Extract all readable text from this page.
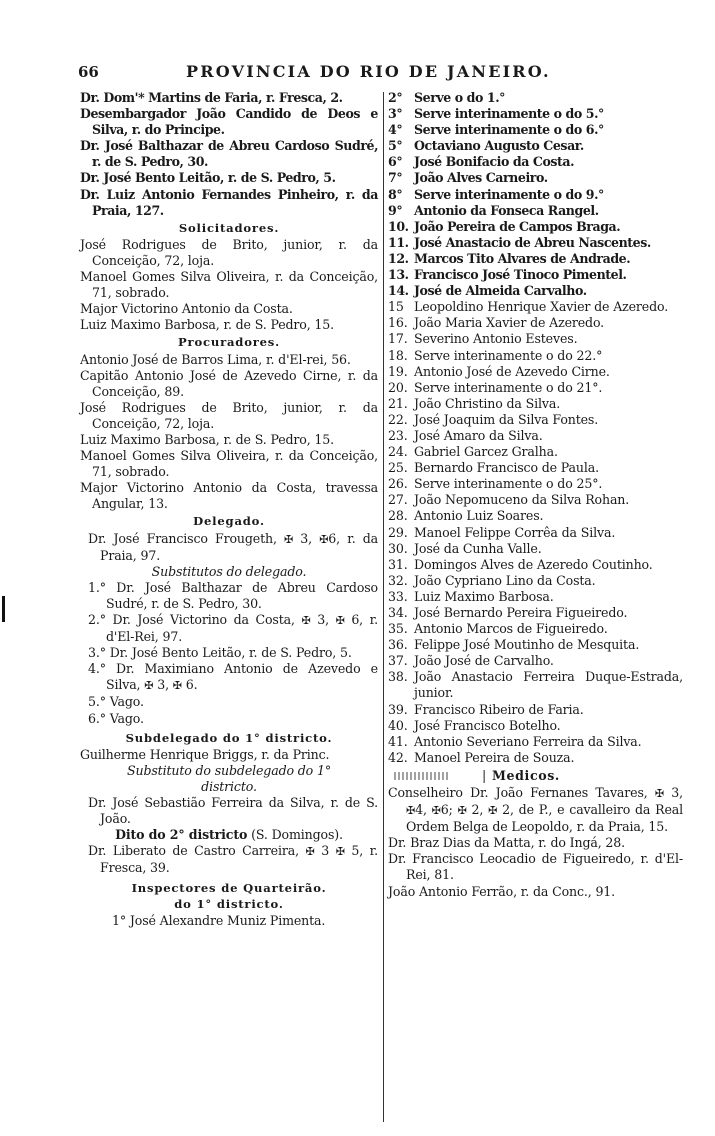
66	PROVINCIA DO RIO DE JANEIRO.
Dr. Dom'* Martins de Faria, r. Fresca, 2.
Desembargador João Candido de Deos e Silva, r. do Principe.
Dr. José Balthazar de Abreu Cardoso Sudré, r. de S. Pedro, 30.
Dr. José Bento Leitão, r. de S. Pedro, 5.
Dr. Luiz Antonio Fernandes Pinheiro, r. da Praia, 127.
Solicitadores.
José Rodrigues de Brito, junior, r. da Conceição, 72, loja.
Manoel Gomes Silva Oliveira, r. da Conceição, 71, sobrado.
Major Victorino Antonio da Costa.
Luiz Maximo Barbosa, r. de S. Pedro, 15.
Procuradores.
Antonio José de Barros Lima, r. d'El-rei, 56.
Capitão Antonio José de Azevedo Cirne, r. da Conceição, 89.
José Rodrigues de Brito, junior, r. da Conceição, 72, loja.
Luiz Maximo Barbosa, r. de S. Pedro, 15.
Manoel Gomes Silva Oliveira, r. da Conceição, 71, sobrado.
Major Victorino Antonio da Costa, travessa Angular, 13.
Delegado.
Dr. José Francisco Frougeth, ✠ 3, ✠6, r. da Praia, 97.
Substitutos do delegado.
1.° Dr. José Balthazar de Abreu Cardoso Sudré, r. de S. Pedro, 30.
2.° Dr. José Victorino da Costa, ✠ 3, ✠ 6, r. d'El-Rei, 97.
3.° Dr. José Bento Leitão, r. de S. Pedro, 5.
4.° Dr. Maximiano Antonio de Azevedo e Silva, ✠ 3, ✠ 6.
5.° Vago.
6.° Vago.
Subdelegado do 1° districto.
Guilherme Henrique Briggs, r. da Princ.
Substituto do subdelegado do 1° districto.
Dr. José Sebastião Ferreira da Silva, r. de S. João.
Dito do 2° districto (S. Domingos).
Dr. Liberato de Castro Carreira, ✠ 3 ✠ 5, r. Fresca, 39.
Inspectores de Quarteirão.
do 1° districto.
1° José Alexandre Muniz Pimenta.
2° Serve o do 1.°
3° Serve interinamente o do 5.°
4° Serve interinamente o do 6.°
5° Octaviano Augusto Cesar.
6° José Bonifacio da Costa.
7° João Alves Carneiro.
8° Serve interinamente o do 9.°
9° Antonio da Fonseca Rangel.
10. João Pereira de Campos Braga.
11. José Anastacio de Abreu Nascentes.
12. Marcos Tito Alvares de Andrade.
13. Francisco José Tinoco Pimentel.
14. José de Almeida Carvalho.
15 Leopoldino Henrique Xavier de Azeredo.
16. João Maria Xavier de Azeredo.
17. Severino Antonio Esteves.
18. Serve interinamente o do 22.°
19. Antonio José de Azevedo Cirne.
20. Serve interinamente o do 21°.
21. João Christino da Silva.
22. José Joaquim da Silva Fontes.
23. José Amaro da Silva.
24. Gabriel Garcez Gralha.
25. Bernardo Francisco de Paula.
26. Serve interinamente o do 25°.
27. João Nepomuceno da Silva Rohan.
28. Antonio Luiz Soares.
29. Manoel Felippe Corrêa da Silva.
30. José da Cunha Valle.
31. Domingos Alves de Azeredo Coutinho.
32. João Cypriano Lino da Costa.
33. Luiz Maximo Barbosa.
34. José Bernardo Pereira Figueiredo.
35. Antonio Marcos de Figueiredo.
36. Felippe José Moutinho de Mesquita.
37. João José de Carvalho.
38. João Anastacio Ferreira Duque-Estrada, junior.
39. Francisco Ribeiro de Faria.
40. José Francisco Botelho.
41. Antonio Severiano Ferreira da Silva.
42. Manoel Pereira de Souza.
| Medicos.
Conselheiro Dr. João Fernanes Tavares, ✠ 3, ✠4, ✠6; ✠ 2, ✠ 2, de P., e cavalleiro da Real Ordem Belga de Leopoldo, r. da Praia, 15.
Dr. Braz Dias da Matta, r. do Ingá, 28.
Dr. Francisco Leocadio de Figueiredo, r. d'El-Rei, 81.
João Antonio Ferrão, r. da Conc., 91.
